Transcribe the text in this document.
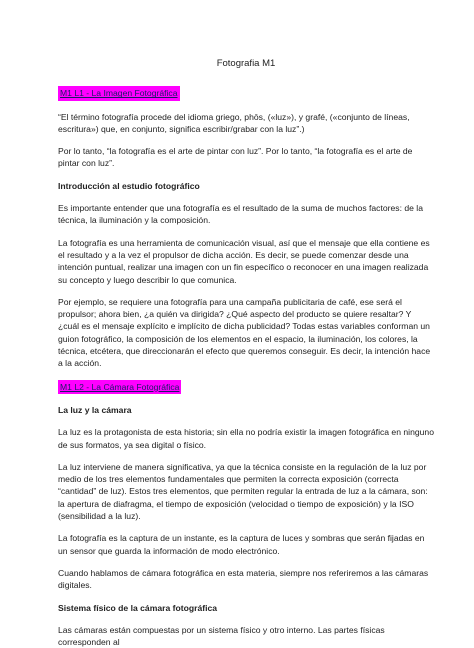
Fotografia M1
M1 L1 - La Imagen Fotográfica

“El término fotografía procede del idioma griego, phōs, («luz»), y grafé, («conjunto de líneas, escritura») que, en conjunto, significa escribir/grabar con la luz”.)

Por lo tanto, “la fotografía es el arte de pintar con luz”. Por lo tanto, “la fotografía es el arte de pintar con luz”.

Introducción al estudio fotográfico

Es importante entender que una fotografía es el resultado de la suma de muchos factores: de la técnica, la iluminación y la composición.

La fotografía es una herramienta de comunicación visual, así que el mensaje que ella contiene es el resultado y a la vez el propulsor de dicha acción. Es decir, se puede comenzar desde una intención puntual, realizar una imagen con un fin específico o reconocer en una imagen realizada su concepto y luego describir lo que comunica.

Por ejemplo, se requiere una fotografía para una campaña publicitaria de café, ese será el propulsor; ahora bien, ¿a quién va dirigida? ¿Qué aspecto del producto se quiere resaltar? Y ¿cuál es el mensaje explícito e implícito de dicha publicidad? Todas estas variables conforman un guion fotográfico, la composición de los elementos en el espacio, la iluminación, los colores, la técnica, etcétera, que direccionarán el efecto que queremos conseguir. Es decir, la intención hace a la acción.

M1 L2 - La Cámara Fotográfica
La luz y la cámara

La luz es la protagonista de esta historia; sin ella no podría existir la imagen fotográfica en ninguno de sus formatos, ya sea digital o físico.

La luz interviene de manera significativa, ya que la técnica consiste en la regulación de la luz por medio de los tres elementos fundamentales que permiten la correcta exposición (correcta “cantidad” de luz). Estos tres elementos, que permiten regular la entrada de luz a la cámara, son: la apertura de diafragma, el tiempo de exposición (velocidad o tiempo de exposición) y la ISO (sensibilidad a la luz).

La fotografía es la captura de un instante, es la captura de luces y sombras que serán fijadas en un sensor que guarda la información de modo electrónico.

Cuando hablamos de cámara fotográfica en esta materia, siempre nos referiremos a las cámaras digitales.

Sistema físico de la cámara fotográfica

Las cámaras están compuestas por un sistema físico y otro interno. Las partes físicas corresponden al
